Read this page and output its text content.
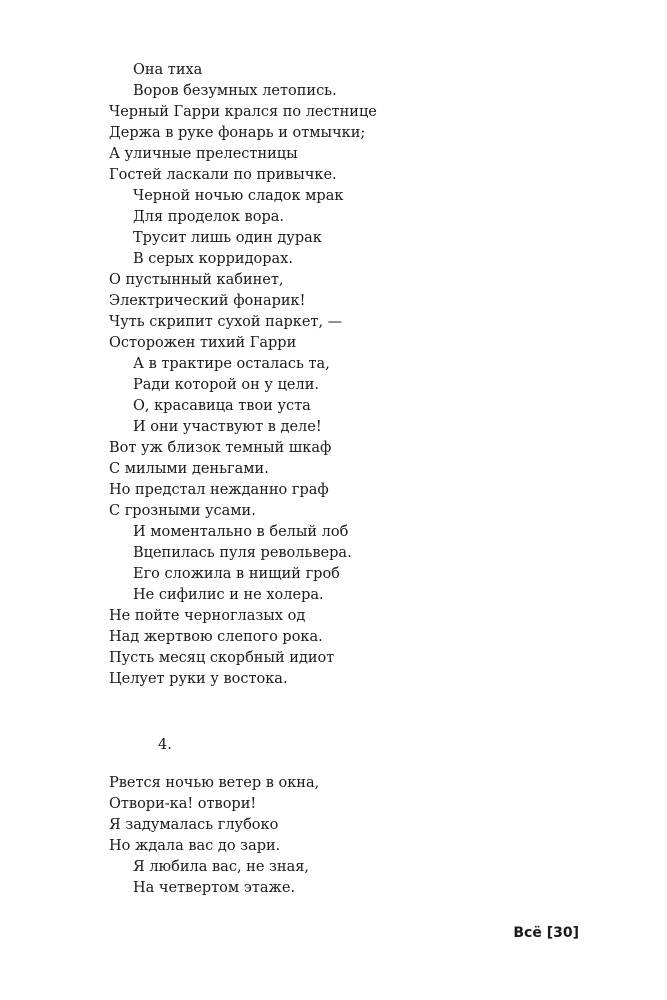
Она тиха
Воров безумных летопись.
Черный Гарри крался по лестнице
Держа в руке фонарь и отмычки;
А уличные прелестницы
Гостей ласкали по привычке.
Черной ночью сладок мрак
Для проделок вора.
Трусит лишь один дурак
В серых корридорах.
О пустынный кабинет,
Электрический фонарик!
Чуть скрипит сухой паркет, —
Осторожен тихий Гарри
А в трактире осталась та,
Ради которой он у цели.
О, красавица твои уста
И они участвуют в деле!
Вот уж близок темный шкаф
С милыми деньгами.
Но предстал нежданно граф
С грозными усами.
И моментально в белый лоб
Вцепилась пуля револьвера.
Его сложила в нищий гроб
Не сифилис и не холера.
Не пойте черноглазых од
Над жертвою слепого рока.
Пусть месяц скорбный идиот
Целует руки у востока.
4.
Рвется ночью ветер в окна,
Отвори-ка! отвори!
Я задумалась глубоко
Но ждала вас до зари.
Я любила вас, не зная,
На четвертом этаже.
Всё [30]
